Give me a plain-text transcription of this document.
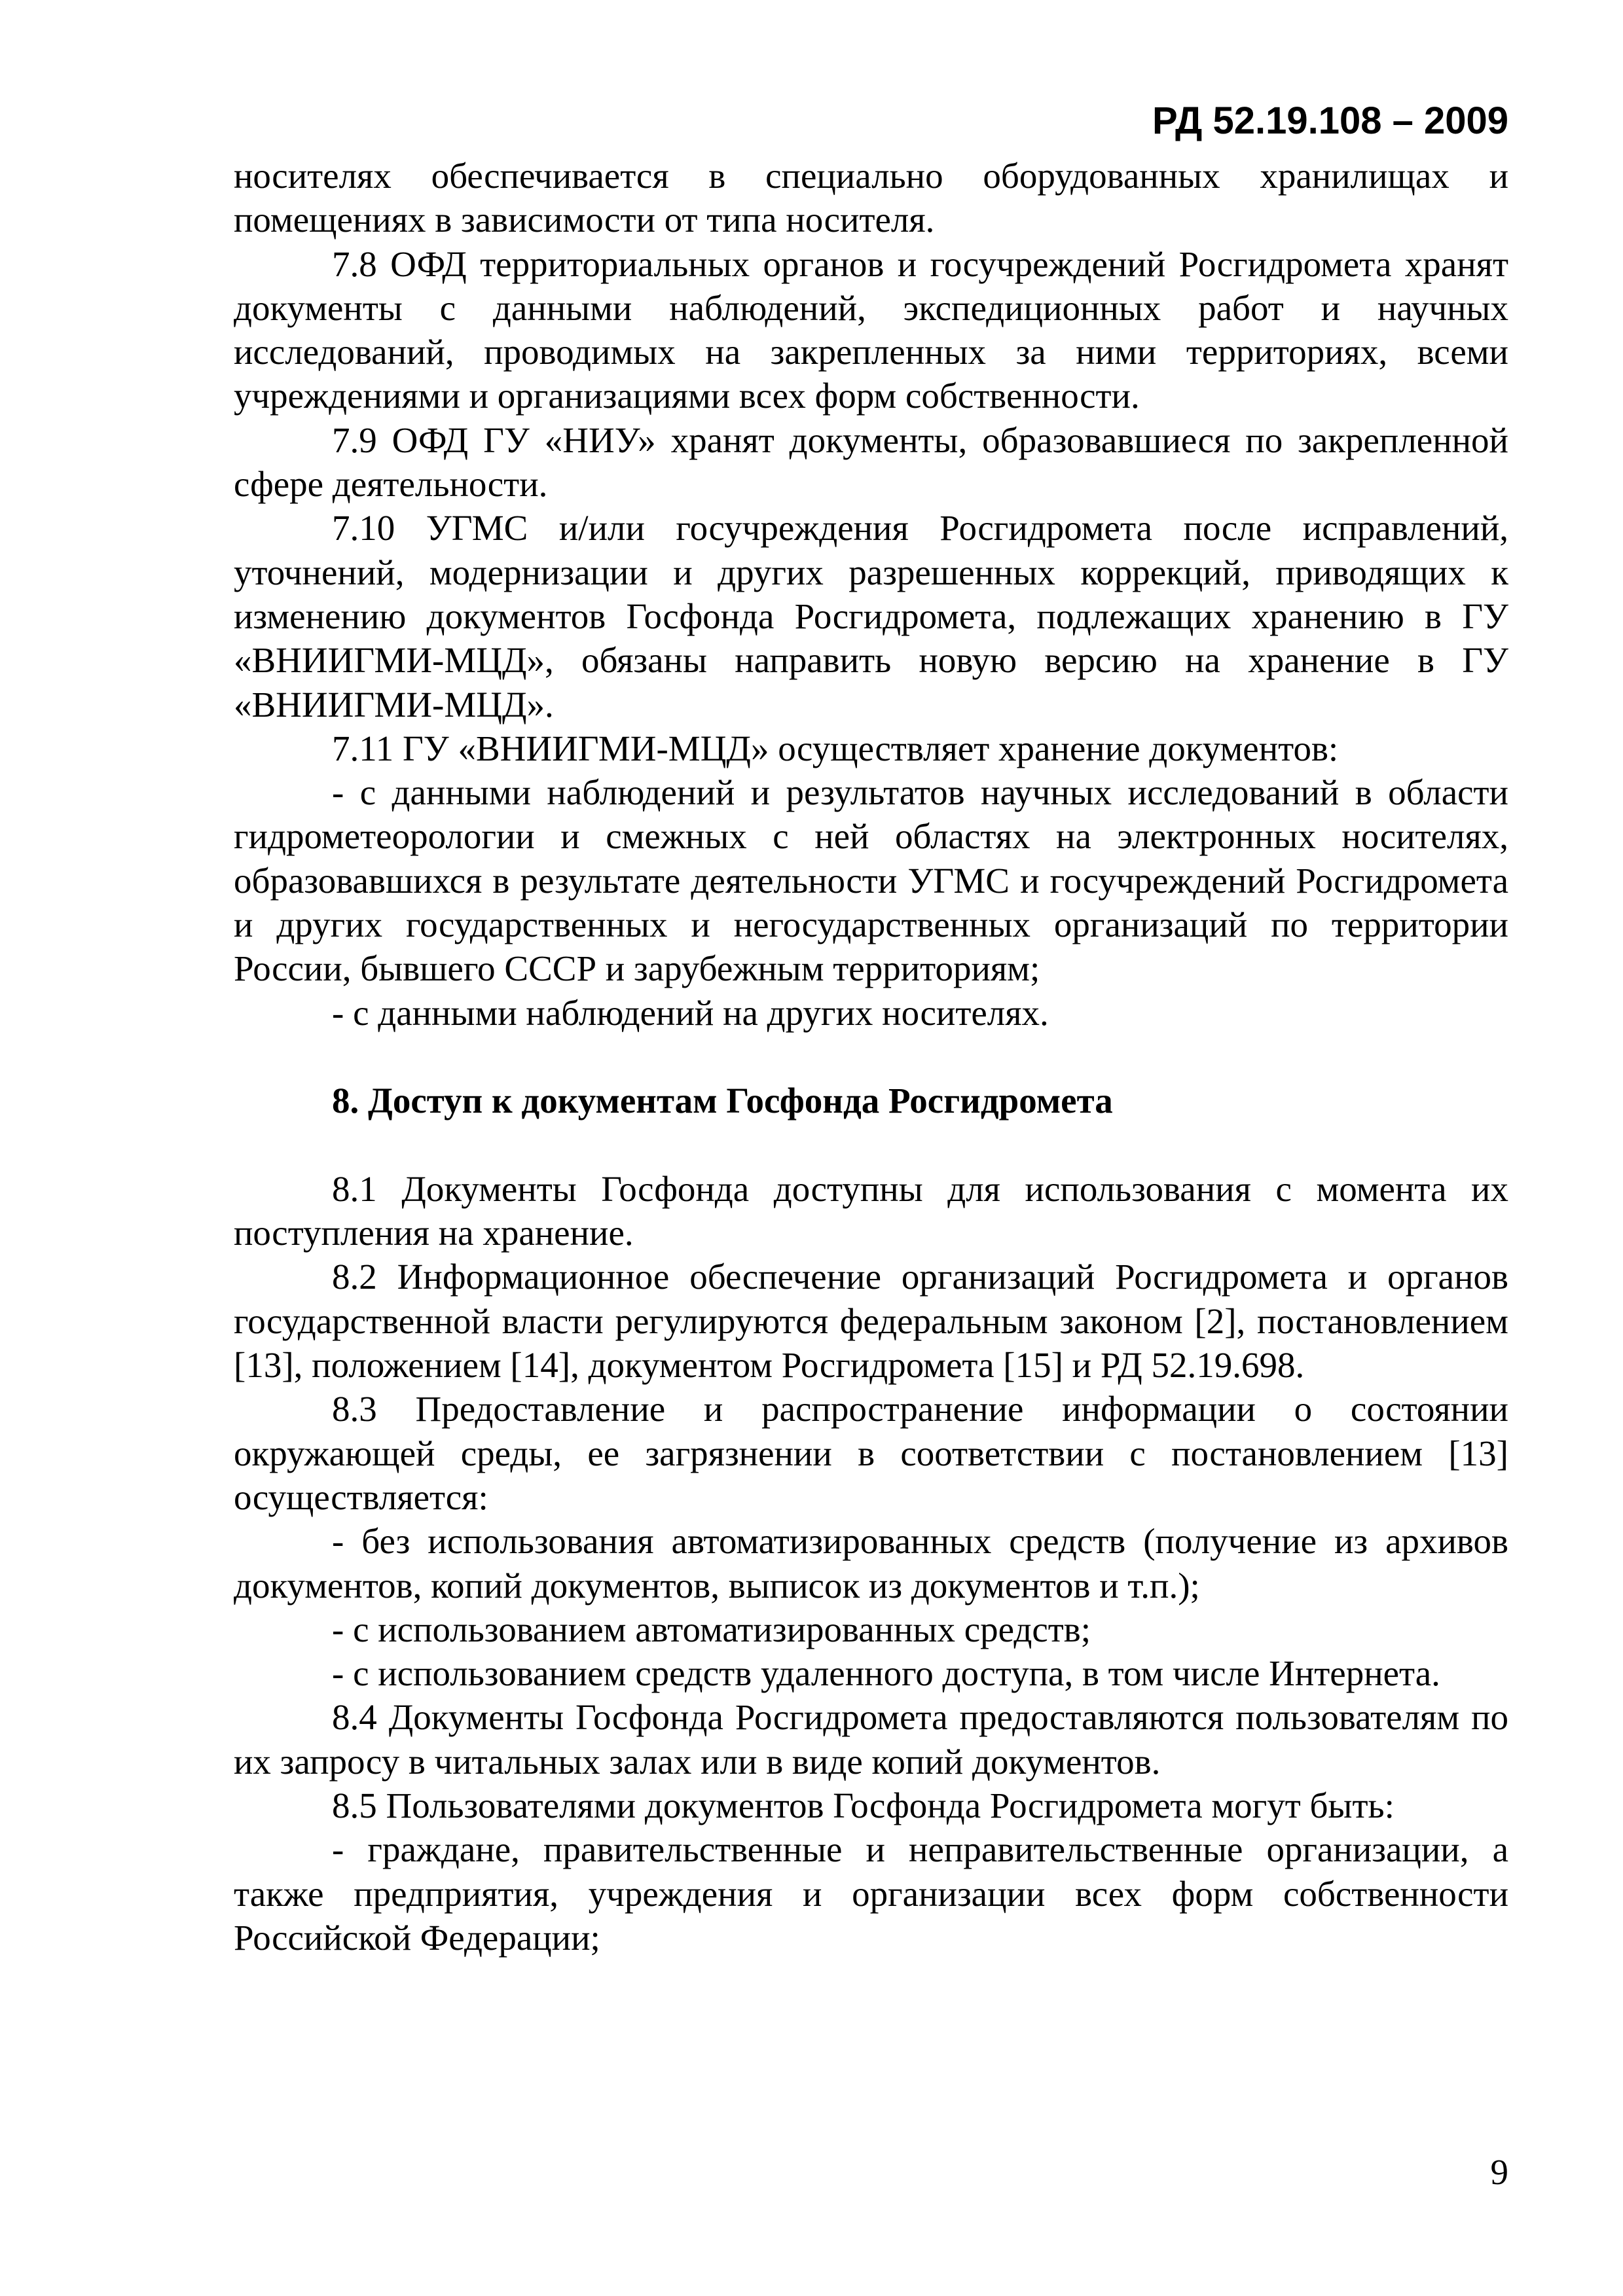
РД 52.19.108 – 2009

носителях обеспечивается в специально оборудованных хранилищах и помещениях в зависимости от типа носителя.

7.8 ОФД территориальных органов и госучреждений Росгидромета хранят документы с данными наблюдений, экспедиционных работ и научных исследований, проводимых на закрепленных за ними территориях, всеми учреждениями и организациями всех форм собственности.

7.9 ОФД ГУ «НИУ» хранят документы, образовавшиеся по закрепленной сфере деятельности.

7.10 УГМС и/или госучреждения Росгидромета после исправлений, уточнений, модернизации и других разрешенных коррекций, приводящих к изменению документов Госфонда Росгидромета, подлежащих хранению в ГУ «ВНИИГМИ-МЦД», обязаны направить новую версию на хранение в ГУ «ВНИИГМИ-МЦД».

7.11 ГУ «ВНИИГМИ-МЦД» осуществляет хранение документов:

- с данными наблюдений и результатов научных исследований в области гидрометеорологии и смежных с ней областях на электронных носителях, образовавшихся в результате деятельности УГМС и госучреждений Росгидромета и других государственных и негосударственных организаций по территории России, бывшего СССР и зарубежным территориям;

- с данными наблюдений на других носителях.

8. Доступ к документам Госфонда Росгидромета

8.1 Документы Госфонда доступны для использования с момента их поступления на хранение.

8.2 Информационное обеспечение организаций Росгидромета и органов государственной власти регулируются федеральным законом [2], постановлением [13], положением [14], документом Росгидромета [15] и РД 52.19.698.

8.3 Предоставление и распространение информации о состоянии окружающей среды, ее загрязнении в соответствии с постановлением [13] осуществляется:

- без использования автоматизированных средств (получение из архивов документов, копий документов, выписок из документов и т.п.);

- с использованием автоматизированных средств;

- с использованием средств удаленного доступа, в том числе Интернета.

8.4 Документы Госфонда Росгидромета предоставляются пользователям по их запросу в читальных залах или в виде копий документов.

8.5 Пользователями документов Госфонда Росгидромета могут быть:

- граждане, правительственные и неправительственные организации, а также предприятия, учреждения и организации всех форм собственности Российской Федерации;

9
